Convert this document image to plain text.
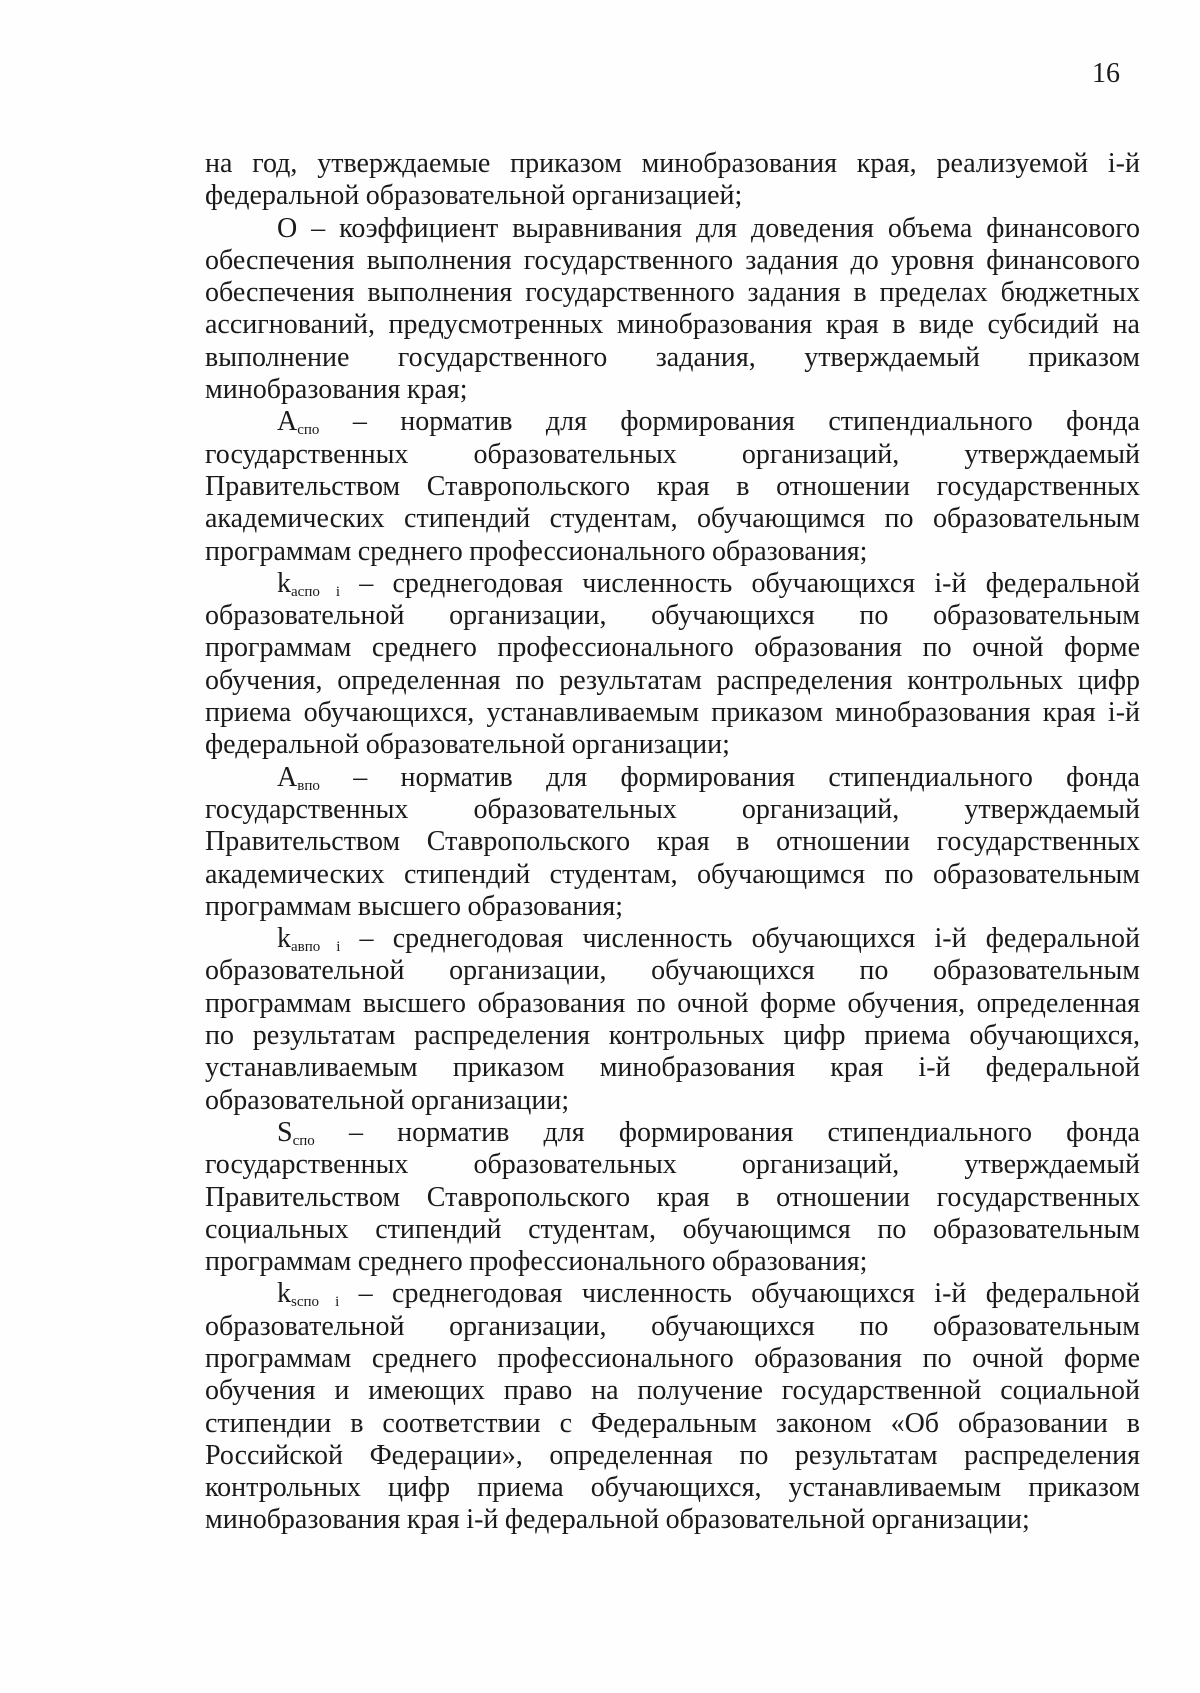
16

на год, утверждаемые приказом минобразования края, реализуемой i-й федеральной образовательной организацией;

О – коэффициент выравнивания для доведения объема финансового обеспечения выполнения государственного задания до уровня финансового обеспечения выполнения государственного задания в пределах бюджетных ассигнований, предусмотренных минобразования края в виде субсидий на выполнение государственного задания, утверждаемый приказом минобразования края;

$А_{спо}$ – норматив для формирования стипендиального фонда государственных образовательных организаций, утверждаемый Правительством Ставропольского края в отношении государственных академических стипендий студентам, обучающимся по образовательным программам среднего профессионального образования;

$k_{аспо i}$ – среднегодовая численность обучающихся i-й федеральной образовательной организации, обучающихся по образовательным программам среднего профессионального образования по очной форме обучения, определенная по результатам распределения контрольных цифр приема обучающихся, устанавливаемым приказом минобразования края i-й федеральной образовательной организации;

$А_{впо}$ – норматив для формирования стипендиального фонда государственных образовательных организаций, утверждаемый Правительством Ставропольского края в отношении государственных академических стипендий студентам, обучающимся по образовательным программам высшего образования;

$k_{авпо i}$ – среднегодовая численность обучающихся i-й федеральной образовательной организации, обучающихся по образовательным программам высшего образования по очной форме обучения, определенная по результатам распределения контрольных цифр приема обучающихся, устанавливаемым приказом минобразования края i-й федеральной образовательной организации;

$S_{спо}$ – норматив для формирования стипендиального фонда государственных образовательных организаций, утверждаемый Правительством Ставропольского края в отношении государственных социальных стипендий студентам, обучающимся по образовательным программам среднего профессионального образования;

$k_{sспо i}$ – среднегодовая численность обучающихся i-й федеральной образовательной организации, обучающихся по образовательным программам среднего профессионального образования по очной форме обучения и имеющих право на получение государственной социальной стипендии в соответствии с Федеральным законом «Об образовании в Российской Федерации», определенная по результатам распределения контрольных цифр приема обучающихся, устанавливаемым приказом минобразования края i-й федеральной образовательной организации;
